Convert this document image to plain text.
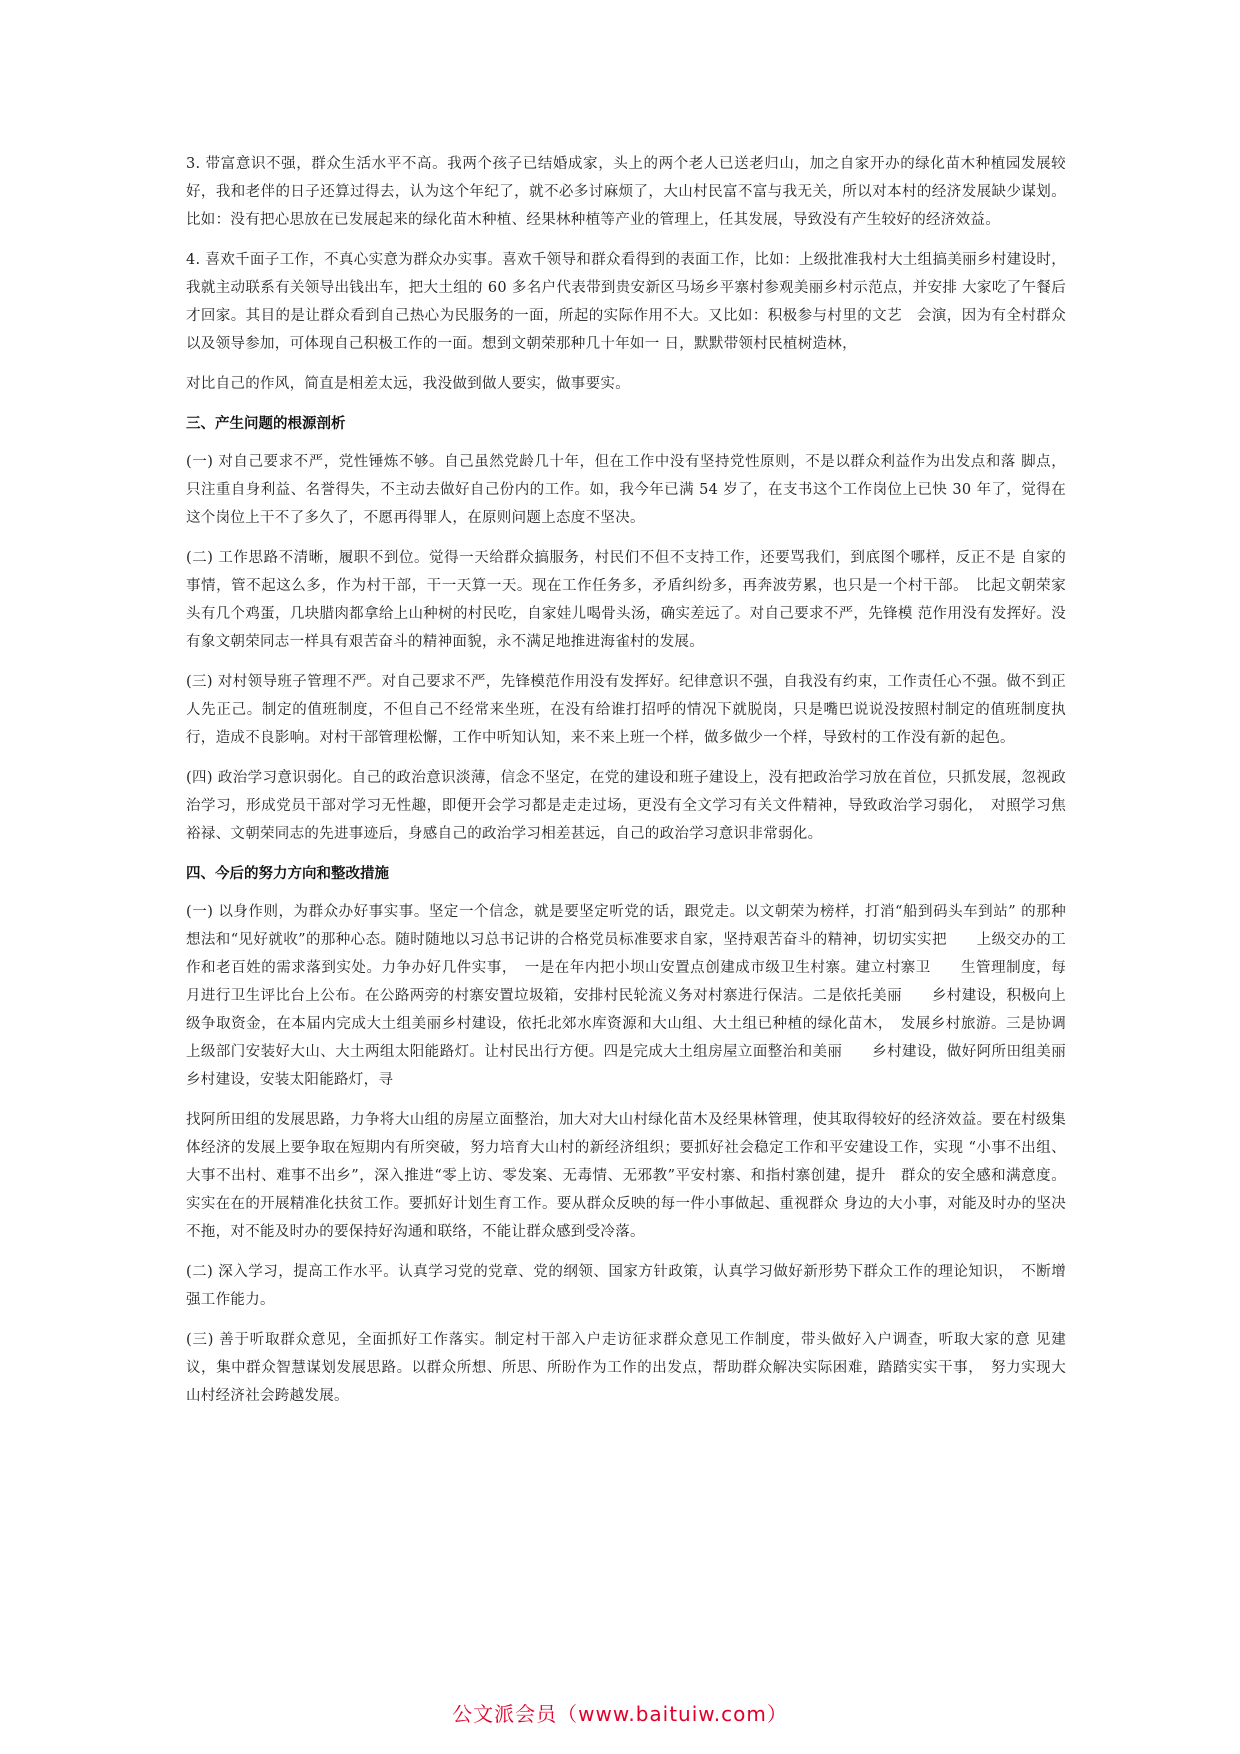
3. 带富意识不强，群众生活水平不高。我两个孩子已结婚成家，头上的两个老人已送老归山，加之自家开办的绿化苗木种植园发展较好，我和老伴的日子还算过得去，认为这个年纪了，就不必多讨麻烦了，大山村民富不富与我无关，所以对本村的经济发展缺少谋划。比如：没有把心思放在已发展起来的绿化苗木种植、经果林种植等产业的管理上，任其发展，导致没有产生较好的经济效益。

4. 喜欢千面子工作，不真心实意为群众办实事。喜欢千领导和群众看得到的表面工作，比如：上级批准我村大土组搞美丽乡村建设时，我就主动联系有关领导出钱出车，把大土组的 60 多名户代表带到贵安新区马场乡平寨村参观美丽乡村示范点，并安排 大家吃了午餐后才回家。其目的是让群众看到自己热心为民服务的一面，所起的实际作用不大。又比如：积极参与村里的文艺　会演，因为有全村群众以及领导参加，可体现自己积极工作的一面。想到文朝荣那种几十年如一 日，默默带领村民植树造林，

对比自己的作风，简直是相差太远，我没做到做人要实，做事要实。

三、产生问题的根源剖析

(一) 对自己要求不严，党性锤炼不够。自己虽然党龄几十年，但在工作中没有坚持党性原则，不是以群众利益作为出发点和落 脚点，只注重自身利益、名誉得失，不主动去做好自己份内的工作。如，我今年已满 54 岁了，在支书这个工作岗位上已快 30 年了，觉得在这个岗位上干不了多久了，不愿再得罪人，在原则问题上态度不坚决。

(二) 工作思路不清晰，履职不到位。觉得一天给群众搞服务，村民们不但不支持工作，还要骂我们，到底图个哪样，反正不是 自家的事情，管不起这么多，作为村干部，干一天算一天。现在工作任务多，矛盾纠纷多，再奔波劳累，也只是一个村干部。　比起文朝荣家头有几个鸡蛋，几块腊肉都拿给上山种树的村民吃，自家娃儿喝骨头汤，确实差远了。对自己要求不严，先锋模 范作用没有发挥好。没有象文朝荣同志一样具有艰苦奋斗的精神面貌，永不满足地推进海雀村的发展。

(三) 对村领导班子管理不严。对自己要求不严，先锋模范作用没有发挥好。纪律意识不强，自我没有约束，工作责任心不强。做不到正人先正己。制定的值班制度，不但自己不经常来坐班，在没有给谁打招呼的情况下就脱岗，只是嘴巴说说没按照村制定的值班制度执行，造成不良影响。对村干部管理松懈，工作中听知认知，来不来上班一个样，做多做少一个样，导致村的工作没有新的起色。

(四) 政治学习意识弱化。自己的政治意识淡薄，信念不坚定，在党的建设和班子建设上，没有把政治学习放在首位，只抓发展，忽视政治学习，形成党员干部对学习无性趣，即便开会学习都是走走过场，更没有全文学习有关文件精神，导致政治学习弱化，　对照学习焦裕禄、文朝荣同志的先进事迹后，身感自己的政治学习相差甚远，自己的政治学习意识非常弱化。

四、今后的努力方向和整改措施

(一) 以身作则，为群众办好事实事。坚定一个信念，就是要坚定听党的话，跟党走。以文朝荣为榜样，打消“船到码头车到站” 的那种想法和“见好就收”的那种心态。随时随地以习总书记讲的合格党员标准要求自家，坚持艰苦奋斗的精神，切切实实把　　上级交办的工作和老百姓的需求落到实处。力争办好几件实事，　一是在年内把小坝山安置点创建成市级卫生村寨。建立村寨卫　　生管理制度，每月进行卫生评比台上公布。在公路两旁的村寨安置垃圾箱，安排村民轮流义务对村寨进行保洁。二是依托美丽　　乡村建设，积极向上级争取资金，在本届内完成大土组美丽乡村建设，依托北郊水库资源和大山组、大土组已种植的绿化苗木，　发展乡村旅游。三是协调上级部门安装好大山、大土两组太阳能路灯。让村民出行方便。四是完成大土组房屋立面整治和美丽　　乡村建设，做好阿所田组美丽乡村建设，安装太阳能路灯，寻

找阿所田组的发展思路，力争将大山组的房屋立面整治，加大对大山村绿化苗木及经果林管理，使其取得较好的经济效益。要在村级集体经济的发展上要争取在短期内有所突破，努力培育大山村的新经济组织；要抓好社会稳定工作和平安建设工作，实现 “小事不出组、大事不出村、难事不出乡”，深入推进“零上访、零发案、无毒情、无邪教”平安村寨、和指村寨创建，提升　群众的安全感和满意度。实实在在的开展精准化扶贫工作。要抓好计划生育工作。要从群众反映的每一件小事做起、重视群众 身边的大小事，对能及时办的坚决不拖，对不能及时办的要保持好沟通和联络，不能让群众感到受冷落。

(二) 深入学习，提高工作水平。认真学习党的党章、党的纲领、国家方针政策，认真学习做好新形势下群众工作的理论知识，　不断增强工作能力。

(三) 善于听取群众意见，全面抓好工作落实。制定村干部入户走访征求群众意见工作制度，带头做好入户调查，听取大家的意 见建议，集中群众智慧谋划发展思路。以群众所想、所思、所盼作为工作的出发点，帮助群众解决实际困难，踏踏实实干事，　努力实现大山村经济社会跨越发展。

公文派会员（www.baituiw.com）
